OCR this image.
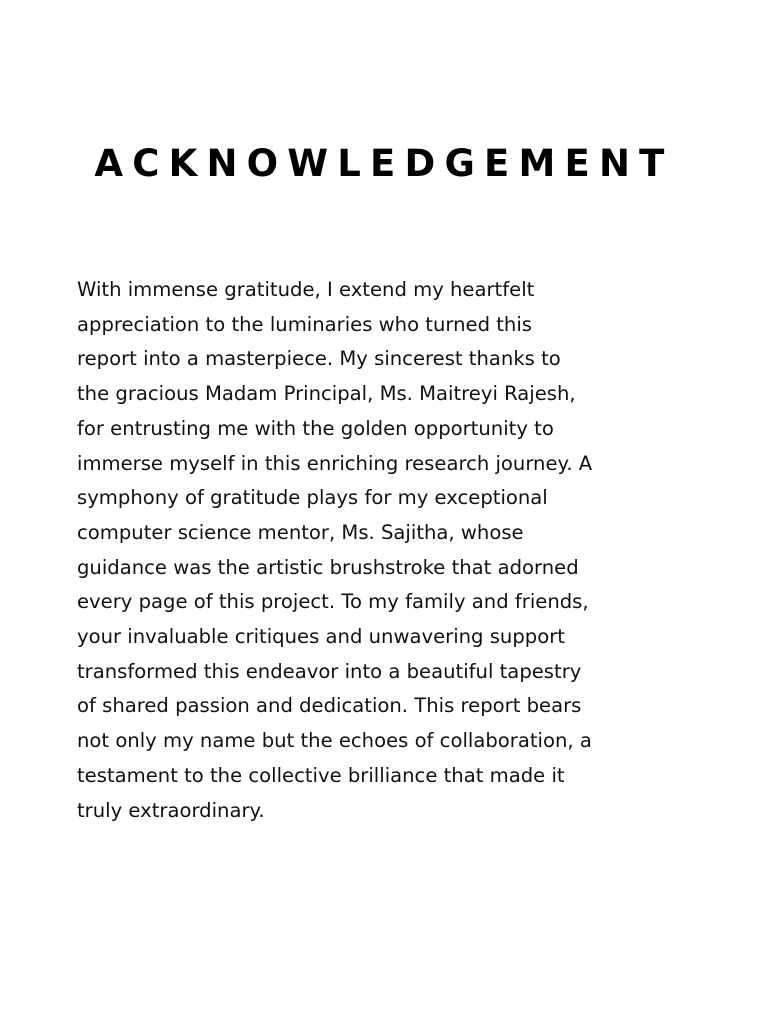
ACKNOWLEDGEMENT
With immense gratitude, I extend my heartfelt
appreciation to the luminaries who turned this
report into a masterpiece. My sincerest thanks to
the gracious Madam Principal, Ms. Maitreyi Rajesh,
for entrusting me with the golden opportunity to
immerse myself in this enriching research journey. A
symphony of gratitude plays for my exceptional
computer science mentor, Ms. Sajitha, whose
guidance was the artistic brushstroke that adorned
every page of this project. To my family and friends,
your invaluable critiques and unwavering support
transformed this endeavor into a beautiful tapestry
of shared passion and dedication. This report bears
not only my name but the echoes of collaboration, a
testament to the collective brilliance that made it
truly extraordinary.
